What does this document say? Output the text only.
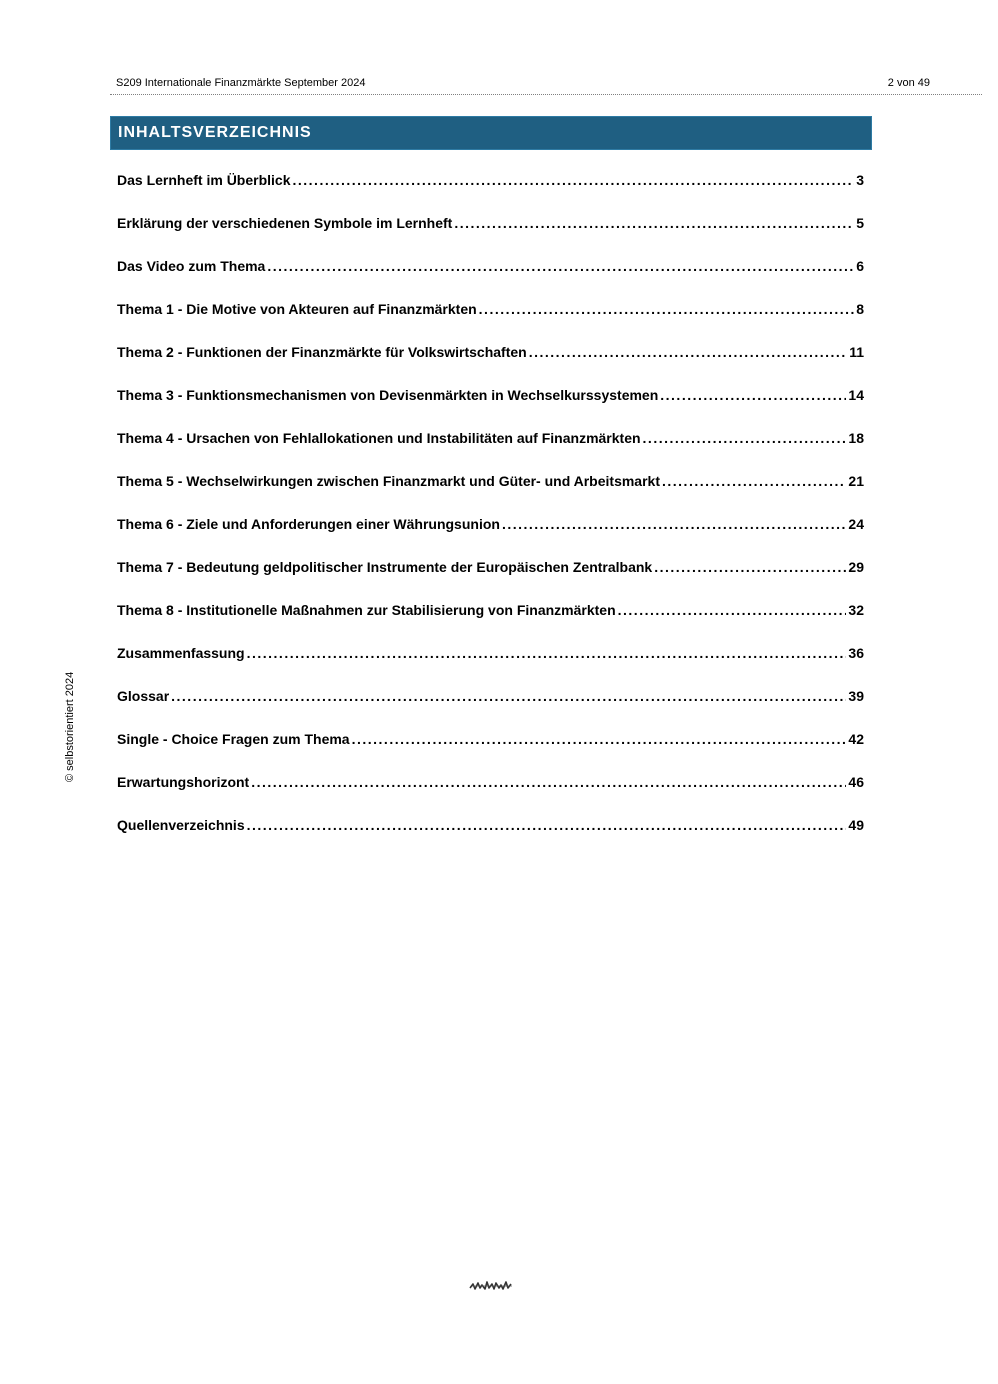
S209 Internationale Finanzmärkte September 2024	2 von 49
INHALTSVERZEICHNIS
Das Lernheft im Überblick .....	3
Erklärung der verschiedenen Symbole im Lernheft .....	5
Das Video zum Thema .....	6
Thema 1 - Die Motive von Akteuren auf Finanzmärkten .....	8
Thema 2 - Funktionen der Finanzmärkte für Volkswirtschaften .....	11
Thema 3 - Funktionsmechanismen von Devisenmärkten in Wechselkurssystemen .....	14
Thema 4 - Ursachen von Fehlallokationen und Instabilitäten auf Finanzmärkten .....	18
Thema 5 - Wechselwirkungen zwischen Finanzmarkt und Güter- und Arbeitsmarkt .....	21
Thema 6 - Ziele und Anforderungen einer Währungsunion .....	24
Thema 7 - Bedeutung geldpolitischer Instrumente der Europäischen Zentralbank .....	29
Thema 8 - Institutionelle Maßnahmen zur Stabilisierung von Finanzmärkten .....	32
Zusammenfassung .....	36
Glossar .....	39
Single - Choice Fragen zum Thema .....	42
Erwartungshorizont .....	46
Quellenverzeichnis .....	49
© selbstorientiert 2024
